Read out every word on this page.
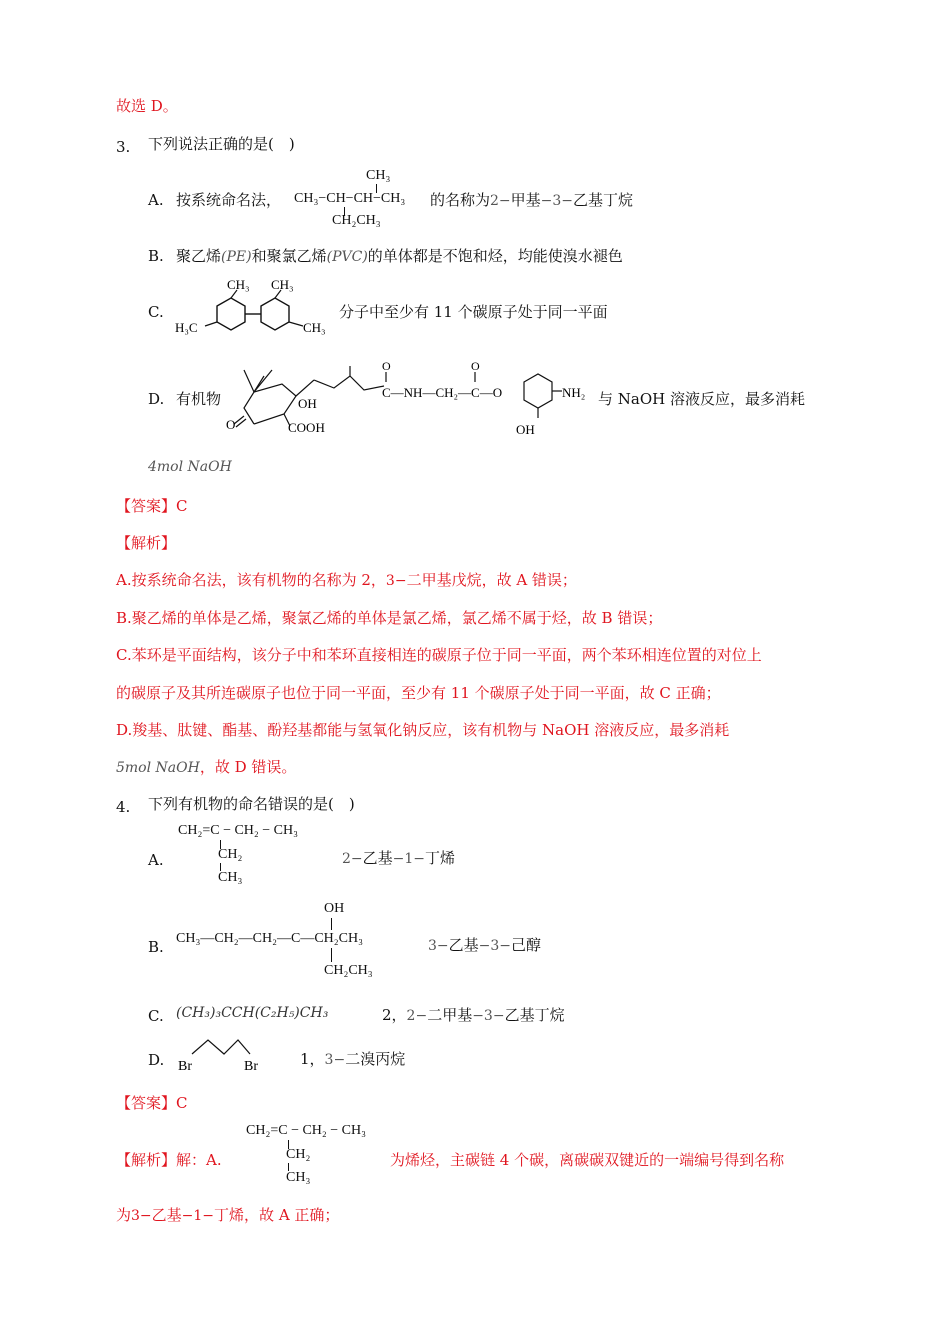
故选 D。
3. 下列说法正确的是(　)
A. 按系统命名法，
CH₃
CH₃−CH−CH−CH₃
CH₂CH₃
的名称为2−甲基−3−乙基丁烷
B. 聚乙烯(PE)和聚氯乙烯(PVC)的单体都是不饱和烃，均能使溴水褪色
C.
CH₃ CH₃
H₃C	CH₃
分子中至少有 11 个碳原子处于同一平面
D. 有机物
O
OH
COOH
O
C—NH—CH₂—C—O
O
NH₂
OH
与 NaOH 溶液反应，最多消耗
4mol NaOH
【答案】C
【解析】
A.按系统命名法，该有机物的名称为 2，3−二甲基戊烷，故 A 错误；
B.聚乙烯的单体是乙烯，聚氯乙烯的单体是氯乙烯，氯乙烯不属于烃，故 B 错误；
C.苯环是平面结构，该分子中和苯环直接相连的碳原子位于同一平面，两个苯环相连位置的对位上
的碳原子及其所连碳原子也位于同一平面，至少有 11 个碳原子处于同一平面，故 C 正确；
D.羧基、肽键、酯基、酚羟基都能与氢氧化钠反应，该有机物与 NaOH 溶液反应，最多消耗
5mol NaOH，故 D 错误。
4. 下列有机物的命名错误的是(　)
A.
CH₂=C − CH₂ − CH₃
CH₂
CH₃
2−乙基−1−丁烯
B.
OH
CH₃—CH₂—CH₂—C—CH₂CH₃
CH₂CH₃
3−乙基−3−己醇
C. (CH₃)₃CCH(C₂H₅)CH₃	2，2−二甲基−3−乙基丁烷
D. Br	Br	1，3−二溴丙烷
【答案】C
【解析】解：A.
CH₂=C − CH₂ − CH₃
CH₂
CH₃
为烯烃，主碳链 4 个碳，离碳碳双键近的一端编号得到名称
为3−乙基−1−丁烯，故 A 正确；
